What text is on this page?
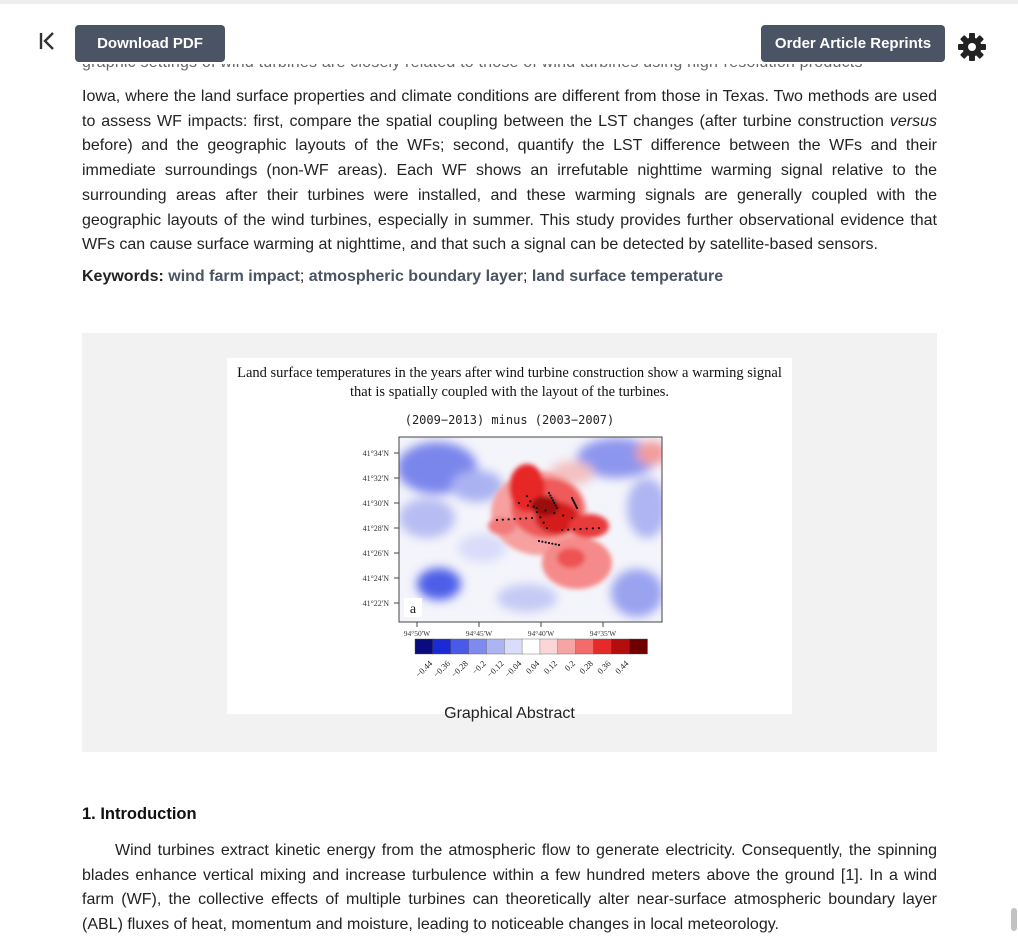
Download PDF	Order Article Reprints

Iowa, where the land surface properties and climate conditions are different from those in Texas. Two methods are used to assess WF impacts: first, compare the spatial coupling between the LST changes (after turbine construction versus before) and the geographic layouts of the WFs; second, quantify the LST difference between the WFs and their immediate surroundings (non-WF areas). Each WF shows an irrefutable nighttime warming signal relative to the surrounding areas after their turbines were installed, and these warming signals are generally coupled with the geographic layouts of the wind turbines, especially in summer. This study provides further observational evidence that WFs can cause surface warming at nighttime, and that such a signal can be detected by satellite-based sensors.

Keywords: wind farm impact; atmospheric boundary layer; land surface temperature
Land surface temperatures in the years after wind turbine construction show a warming signal
that is spatially coupled with the layout of the turbines.
(2009−2013) minus (2003−2007)
a
41°34'N
41°32'N
41°30'N
41°28'N
41°26'N
41°24'N
41°22'N
94°50'W	94°45'W	94°40'W	94°35'W
−0.44
−0.36
−0.28 −0.2
−0.12
−0.04 0.04 0.12 0.2 0.28 0.36 0.44
Graphical Abstract
1. Introduction

Wind turbines extract kinetic energy from the atmospheric flow to generate electricity. Consequently, the spinning blades enhance vertical mixing and increase turbulence within a few hundred meters above the ground [1]. In a wind farm (WF), the collective effects of multiple turbines can theoretically alter near-surface atmospheric boundary layer (ABL) fluxes of heat, momentum and moisture, leading to noticeable changes in local meteorology.
